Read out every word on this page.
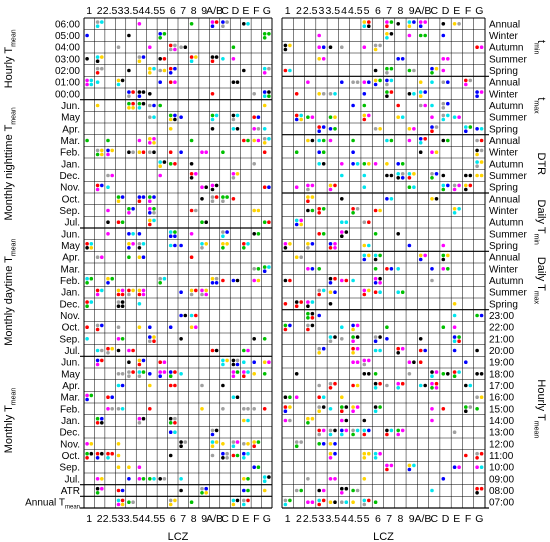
1
1
2
2
2.5
2.5
3
3
3.5
3.5
4
4
4.5
4.5
5
5
6
6
7
7
8
8
9
9
A/B
A/B
C
C
D
D
E
E
F
F
G
G
LCZ
06:00
05:00
04:00
03:00
02:00
01:00
00:00
Hourly $T_{mean}$
Jun.
May
Apr.
Mar.
Feb.
Jan.
Dec.
Nov.
Oct.
Sep.
Jul.
Monthly nighttime $T_{mean}$
Jun.
May
Apr.
Mar.
Feb.
Jan.
Dec.
Nov.
Oct.
Sep.
Jul.
Monthly daytime $T_{mean}$
Jun.
May
Apr.
Mar.
Feb.
Jan.
Dec.
Nov.
Oct.
Sep.
Jul.
Monthly $T_{mean}$
ATR
Annual $T_{mean}$
1
1
2
2
2.5
2.5
3
3
3.5
3.5
4
4
4.5
4.5
5
5
6
6
7
7
8
8
9
9
A/B
A/B
C
C
D
D
E
E
F
F
G
G
LCZ
Annual
Winter
Autumn
Summer
Spring
$t_{min}$
Annual
Winter
Autumn
Summer
Spring
$t_{max}$
Annual
Winter
Autumn
Summer
Spring
DTR
Annual
Winter
Autumn
Summer
Spring
Daily $T_{min}$
Annual
Winter
Autumn
Summer
Spring
Daily $T_{max}$
23:00
22:00
21:00
20:00
19:00
18:00
17:00
16:00
15:00
14:00
13:00
12:00
11:00
10:00
09:00
08:00
07:00
Hourly $T_{mean}$
